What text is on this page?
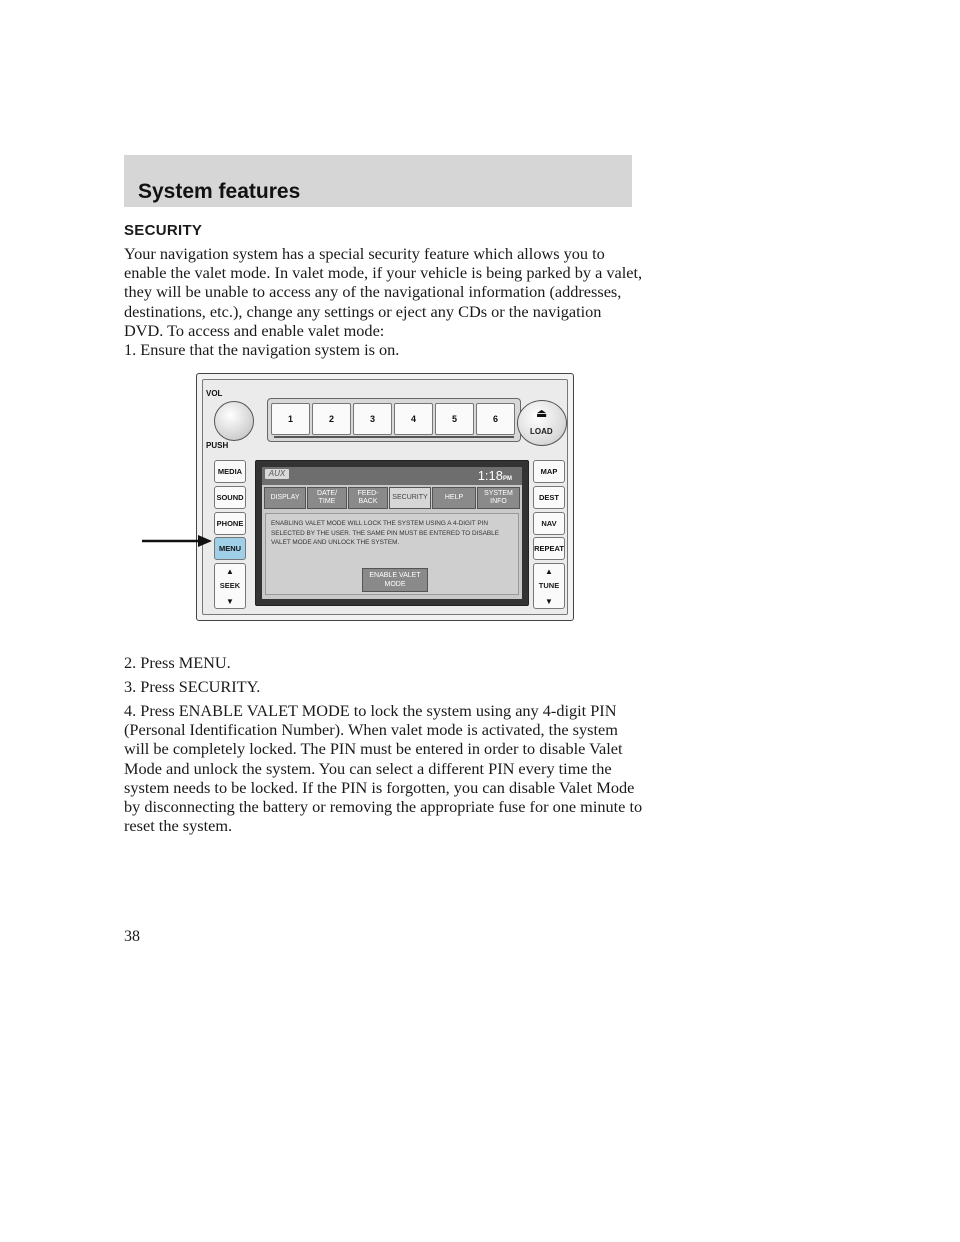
System features
SECURITY

Your navigation system has a special security feature which allows you to enable the valet mode. In valet mode, if your vehicle is being parked by a valet, they will be unable to access any of the navigational information (addresses, destinations, etc.), change any settings or eject any CDs or the navigation DVD. To access and enable valet mode:

1. Ensure that the navigation system is on.

VOL
PUSH
1	2	3	4	5	6	⏏
LOAD
MEDIA
SOUND
PHONE
MENU
▲
SEEK
▼
MAP
DEST
NAV
REPEAT
▲
TUNE
▼
AUX	1:18PM
DISPLAY
DATE/ TIME
FEED- BACK
SECURITY	HELP
SYSTEM INFO
ENABLING VALET MODE WILL LOCK THE SYSTEM USING A 4-DIGIT PIN SELECTED BY THE USER. THE SAME PIN MUST BE ENTERED TO DISABLE VALET MODE AND UNLOCK THE SYSTEM.
ENABLE VALET MODE

2. Press MENU.

3. Press SECURITY.

4. Press ENABLE VALET MODE to lock the system using any 4-digit PIN (Personal Identification Number). When valet mode is activated, the system will be completely locked. The PIN must be entered in order to disable Valet Mode and unlock the system. You can select a different PIN every time the system needs to be locked. If the PIN is forgotten, you can disable Valet Mode by disconnecting the battery or removing the appropriate fuse for one minute to reset the system.

38
